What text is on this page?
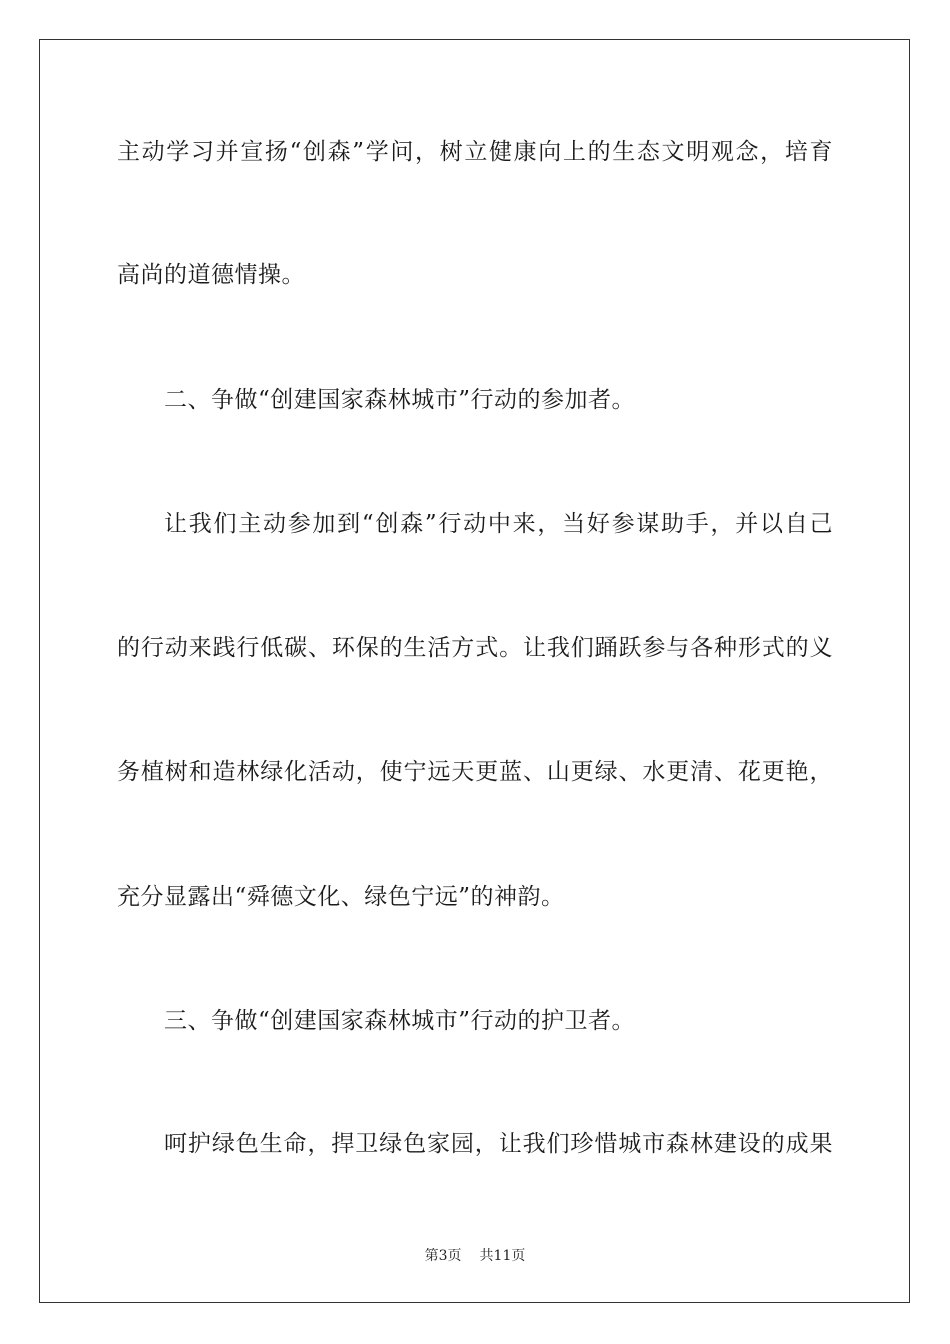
主动学习并宣扬“创森”学问，树立健康向上的生态文明观念，培育

高尚的道德情操。

二、争做“创建国家森林城市”行动的参加者。

让我们主动参加到“创森”行动中来，当好参谋助手，并以自己

的行动来践行低碳、环保的生活方式。让我们踊跃参与各种形式的义

务植树和造林绿化活动，使宁远天更蓝、山更绿、水更清、花更艳，

充分显露出“舜德文化、绿色宁远”的神韵。

三、争做“创建国家森林城市”行动的护卫者。

呵护绿色生命，捍卫绿色家园，让我们珍惜城市森林建设的成果

第3页 共11页
